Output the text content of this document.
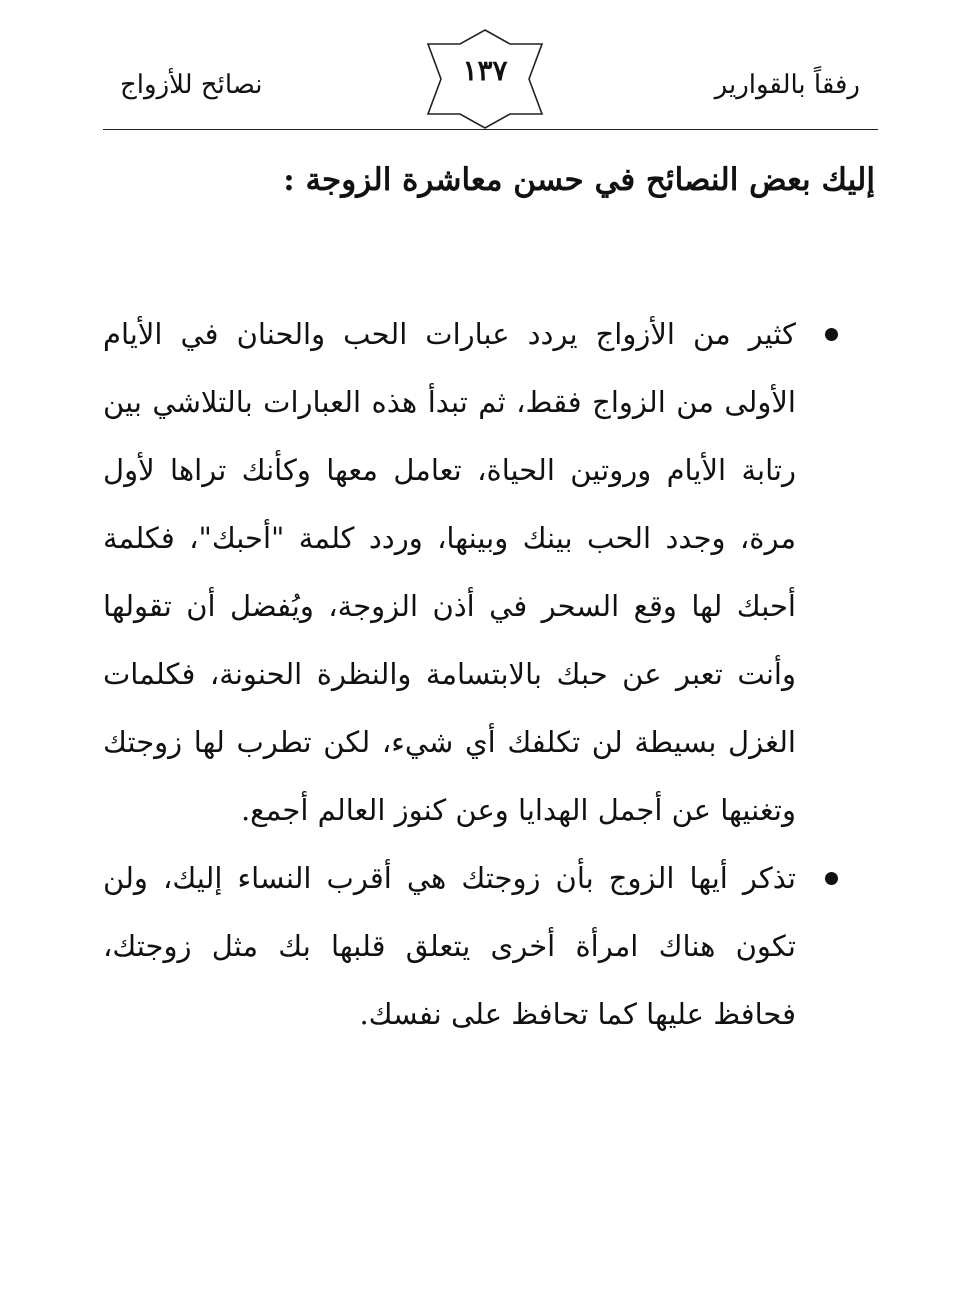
رفقاً بالقوارير
١٣٧
نصائح للأزواج
إليك بعض النصائح في حسن معاشرة الزوجة :
كثير من الأزواج يردد عبارات الحب والحنان في الأيام الأولى من الزواج فقط، ثم تبدأ هذه العبارات بالتلاشي بين رتابة الأيام وروتين الحياة، تعامل معها وكأنك تراها لأول مرة، وجدد الحب بينك وبينها، وردد كلمة "أحبك"، فكلمة أحبك لها وقع السحر في أذن الزوجة، ويُفضل أن تقولها وأنت تعبر عن حبك بالابتسامة والنظرة الحنونة، فكلمات الغزل بسيطة لن تكلفك أي شيء، لكن تطرب لها زوجتك وتغنيها عن أجمل الهدايا وعن كنوز العالم أجمع.
تذكر أيها الزوج بأن زوجتك هي أقرب النساء إليك، ولن تكون هناك امرأة أخرى يتعلق قلبها بك مثل زوجتك، فحافظ عليها كما تحافظ على نفسك.
